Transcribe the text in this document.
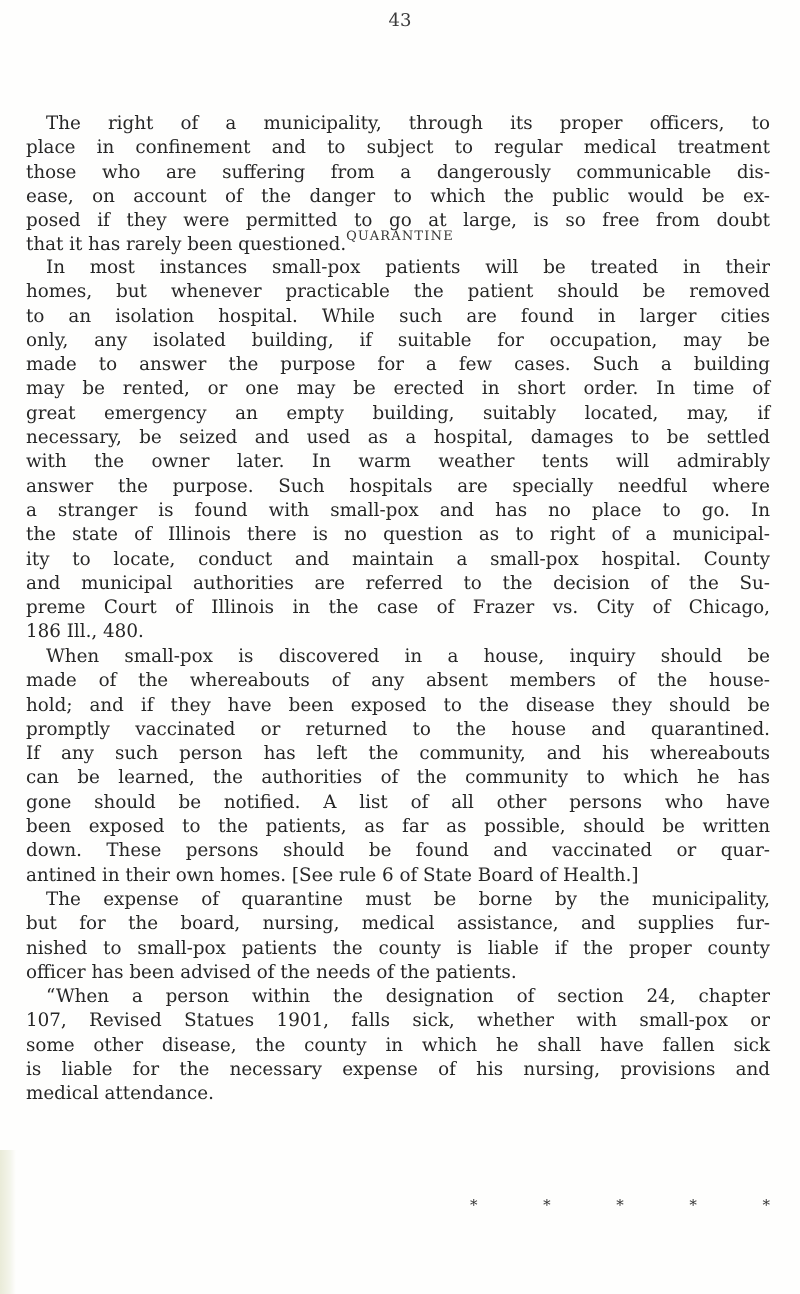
43
The right of a municipality, through its proper officers, to
place in confinement and to subject to regular medical treatment
those who are suffering from a dangerously communicable dis-
ease, on account of the danger to which the public would be ex-
posed if they were permitted to go at large, is so free from doubt
that it has rarely been questioned. QUARANTINE
In most instances small-pox patients will be treated in their
homes, but whenever practicable the patient should be removed
to an isolation hospital. While such are found in larger cities
only, any isolated building, if suitable for occupation, may be
made to answer the purpose for a few cases. Such a building
may be rented, or one may be erected in short order. In time of
great emergency an empty building, suitably located, may, if
necessary, be seized and used as a hospital, damages to be settled
with the owner later. In warm weather tents will admirably
answer the purpose. Such hospitals are specially needful where
a stranger is found with small-pox and has no place to go. In
the state of Illinois there is no question as to right of a municipal-
ity to locate, conduct and maintain a small-pox hospital. County
and municipal authorities are referred to the decision of the Su-
preme Court of Illinois in the case of Frazer vs. City of Chicago,
186 Ill., 480.
When small-pox is discovered in a house, inquiry should be
made of the whereabouts of any absent members of the house-
hold; and if they have been exposed to the disease they should be
promptly vaccinated or returned to the house and quarantined.
If any such person has left the community, and his whereabouts
can be learned, the authorities of the community to which he has
gone should be notified. A list of all other persons who have
been exposed to the patients, as far as possible, should be written
down. These persons should be found and vaccinated or quar-
antined in their own homes. [See rule 6 of State Board of Health.]
The expense of quarantine must be borne by the municipality,
but for the board, nursing, medical assistance, and supplies fur-
nished to small-pox patients the county is liable if the proper county
officer has been advised of the needs of the patients.
“When a person within the designation of section 24, chapter
107, Revised Statues 1901, falls sick, whether with small-pox or
some other disease, the county in which he shall have fallen sick
is liable for the necessary expense of his nursing, provisions and
medical attendance.
*	*	*	*	*
